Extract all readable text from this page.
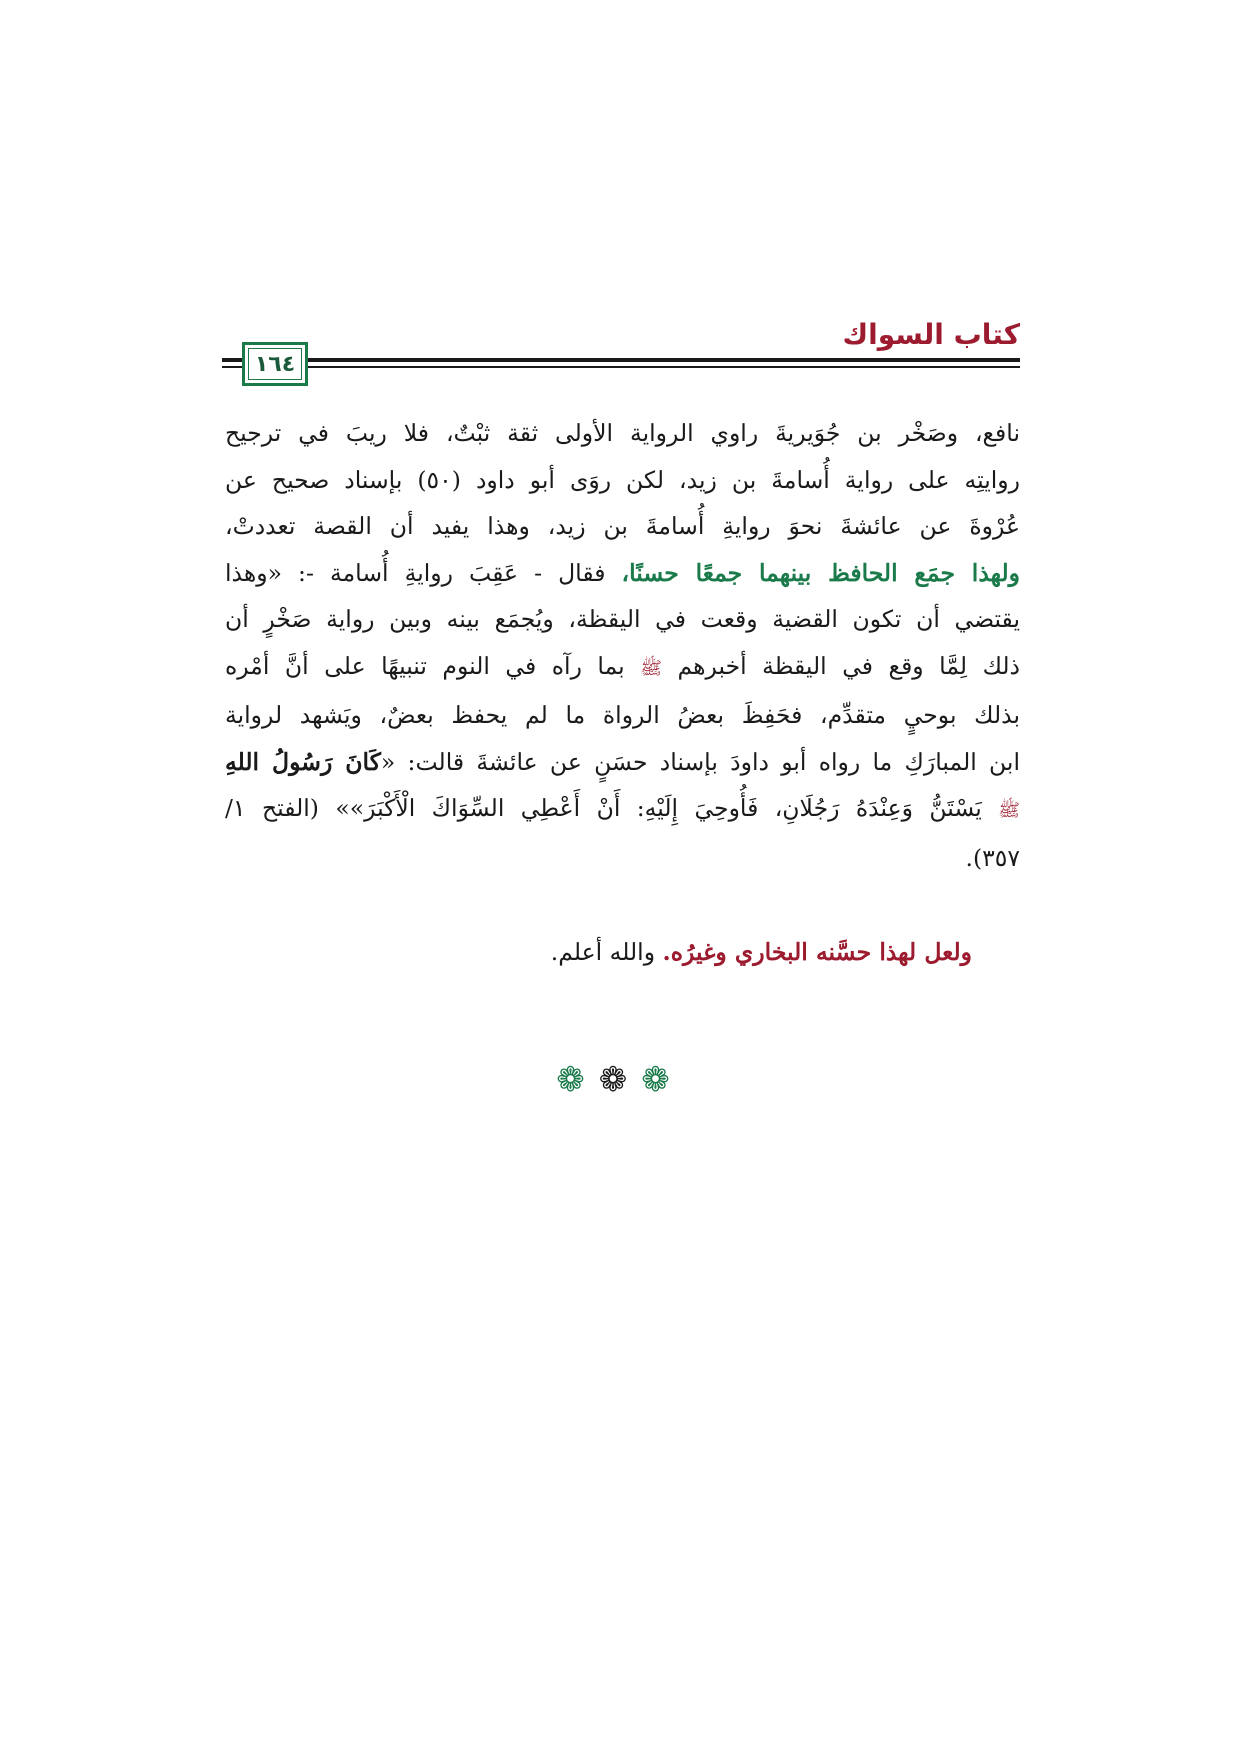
كتاب السواك
١٦٤
نافع، وصَخْر بن جُوَيريةَ راوي الرواية الأولى ثقة ثبْتٌ، فلا ريبَ في ترجيح
روايتِه على رواية أُسامةَ بن زيد، لكن روَى أبو داود (٥٠) بإسناد صحيح عن
عُرْوةَ عن عائشةَ نحوَ روايةِ أُسامةَ بن زيد، وهذا يفيد أن القصة تعددتْ،
ولهذا جمَع الحافظ بينهما جمعًا حسنًا، فقال - عَقِبَ روايةِ أُسامة -: «وهذا
يقتضي أن تكون القضية وقعت في اليقظة، ويُجمَع بينه وبين رواية صَخْرٍ أن
ذلك لِمَّا وقع في اليقظة أخبرهم ﷺ بما رآه في النوم تنبيهًا على أنَّ أمْره
بذلك بوحيٍ متقدِّم، فحَفِظَ بعضُ الرواة ما لم يحفظ بعضٌ، ويَشهد لرواية
ابن المبارَكِ ما رواه أبو داودَ بإسناد حسَنٍ عن عائشةَ قالت: «كَانَ رَسُولُ اللهِ
ﷺ يَسْتَنُّ وَعِنْدَهُ رَجُلَانِ، فَأُوحِيَ إِلَيْهِ: أَنْ أَعْطِي السِّوَاكَ الْأَكْبَرَ»» (الفتح ١/
٣٥٧).
ولعل لهذا حسَّنه البخاري وغيرُه. والله أعلم.
❁❁❁
